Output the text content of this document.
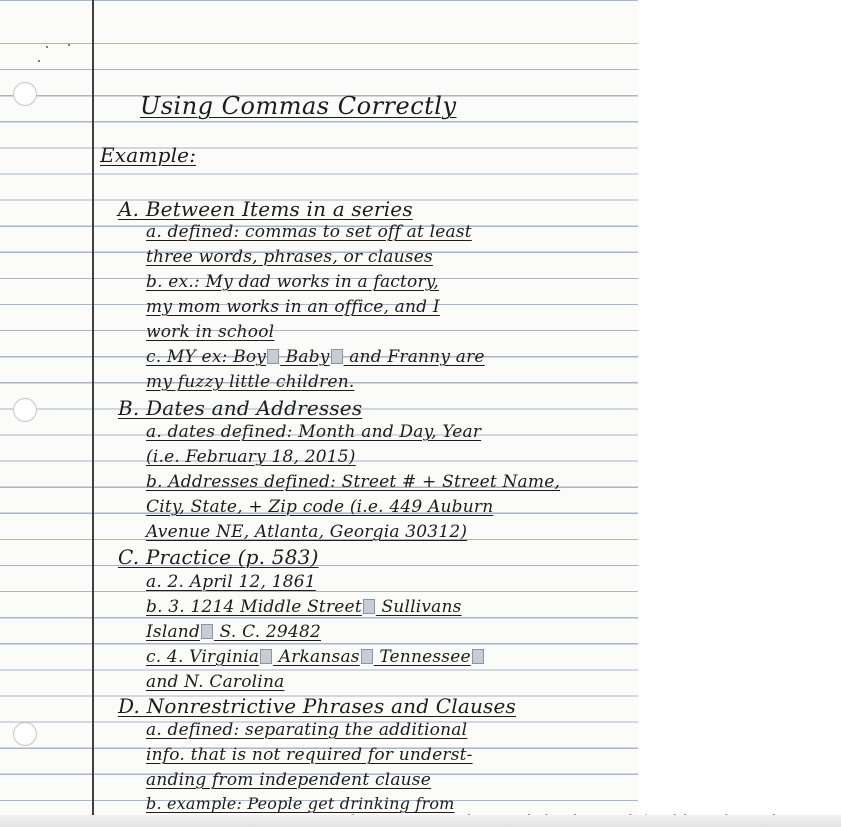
Using Commas Correctly

Example:

A. Between Items in a series

a. defined: commas to set off at least

three words, phrases, or clauses

b. ex.: My dad works in a factory,

my mom works in an office, and I

work in school

c. MY ex: Boy Baby and Franny are

my fuzzy little children.

B. Dates and Addresses

a. dates defined: Month and Day, Year

(i.e. February 18, 2015)

b. Addresses defined: Street # + Street Name,

City, State, + Zip code (i.e. 449 Auburn

Avenue NE, Atlanta, Georgia 30312)

C. Practice (p. 583)

a. 2. April 12, 1861

b. 3. 1214 Middle Street Sullivans

Island S. C. 29482

c. 4. Virginia Arkansas Tennessee

and N. Carolina

D. Nonrestrictive Phrases and Clauses

a. defined: separating the additional

info. that is not required for underst-

anding from independent clause

b. example: People get drinking from
